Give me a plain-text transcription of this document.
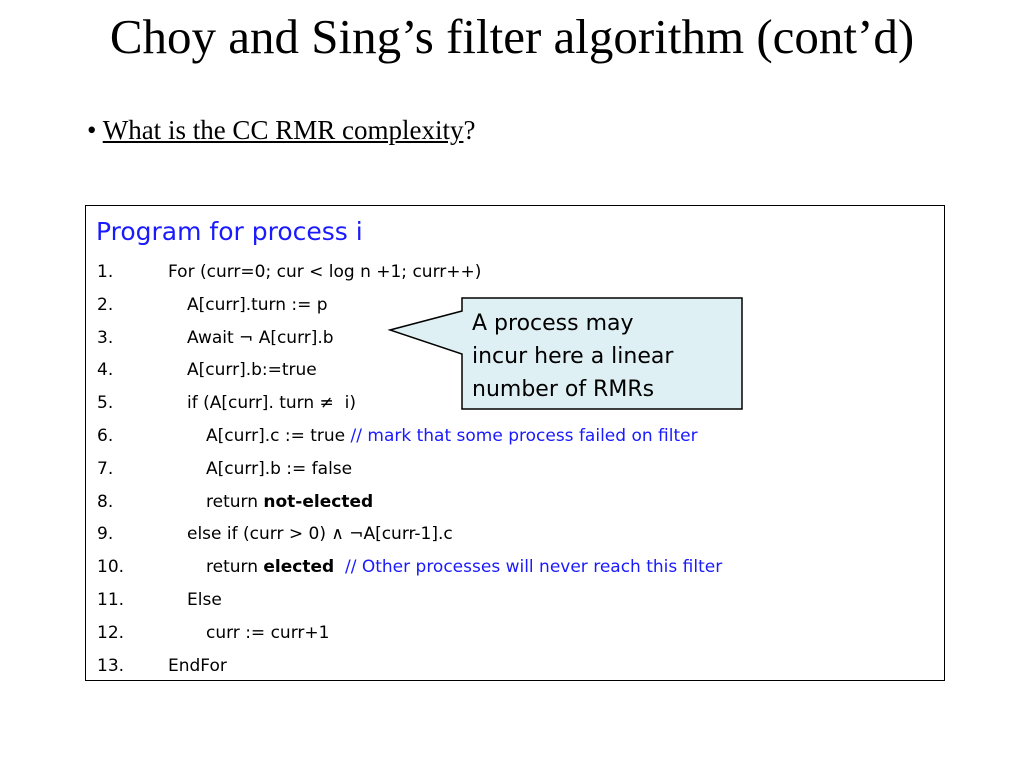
Choy and Sing’s filter algorithm (cont’d)
• What is the CC RMR complexity?
Program for process i
1.	For (curr=0; cur < log n +1; curr++)
2.	A[curr].turn := p
3.	Await ¬ A[curr].b
4.	A[curr].b:=true
5.	if (A[curr]. turn ≠  i)
6.	A[curr].c := true // mark that some process failed on filter
7.	A[curr].b := false
8.	return not-elected
9.	else if (curr > 0) ∧ ¬A[curr-1].c
10.	return elected  // Other processes will never reach this filter
11.	Else
12.	curr := curr+1
13.	EndFor
A process may
incur here a linear
number of RMRs
